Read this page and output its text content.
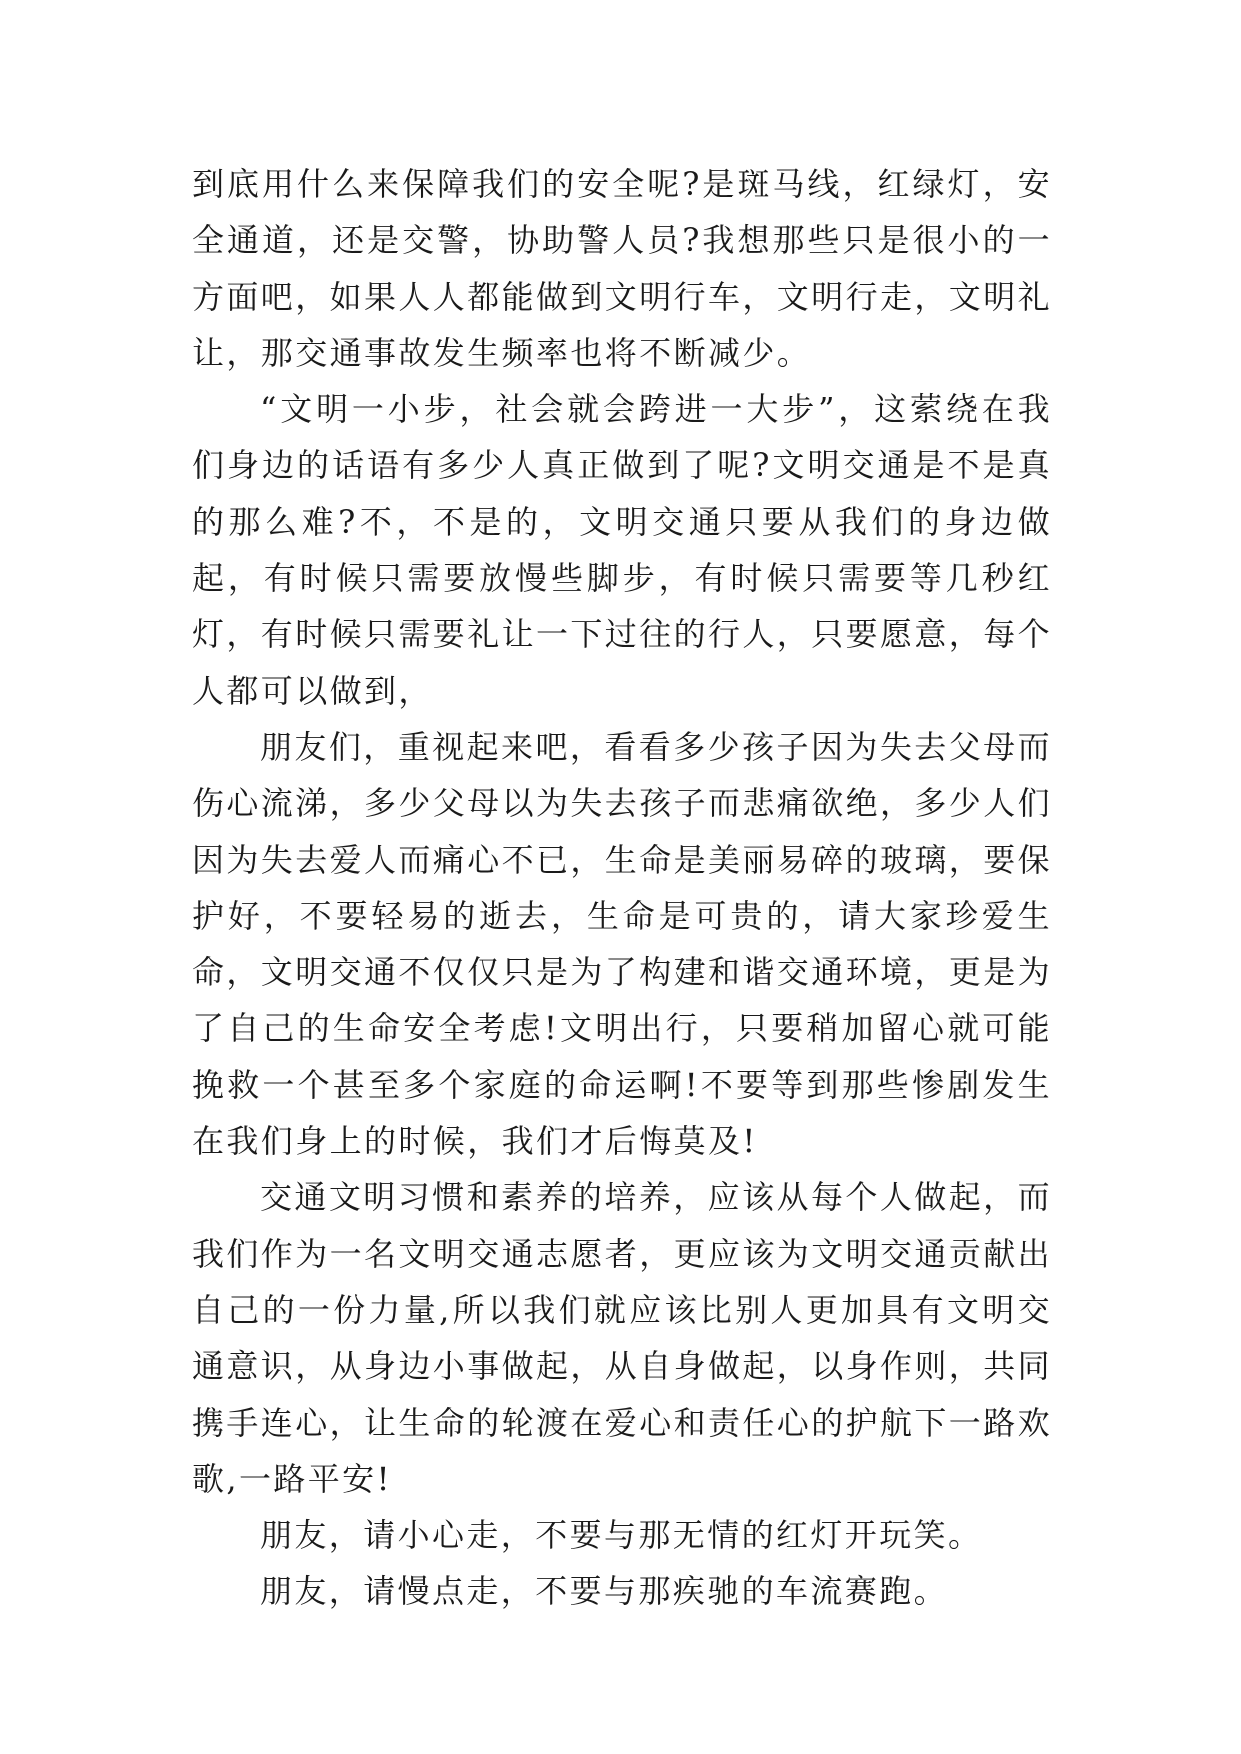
到底用什么来保障我们的安全呢?是斑马线，红绿灯，安全通道，还是交警，协助警人员?我想那些只是很小的一方面吧，如果人人都能做到文明行车，文明行走，文明礼让，那交通事故发生频率也将不断减少。

“文明一小步，社会就会跨进一大步”，这萦绕在我们身边的话语有多少人真正做到了呢?文明交通是不是真的那么难?不，不是的，文明交通只要从我们的身边做起，有时候只需要放慢些脚步，有时候只需要等几秒红灯，有时候只需要礼让一下过往的行人，只要愿意，每个人都可以做到，

朋友们，重视起来吧，看看多少孩子因为失去父母而伤心流涕，多少父母以为失去孩子而悲痛欲绝，多少人们因为失去爱人而痛心不已，生命是美丽易碎的玻璃，要保护好，不要轻易的逝去，生命是可贵的，请大家珍爱生命，文明交通不仅仅只是为了构建和谐交通环境，更是为了自己的生命安全考虑!文明出行，只要稍加留心就可能挽救一个甚至多个家庭的命运啊!不要等到那些惨剧发生在我们身上的时候，我们才后悔莫及!

交通文明习惯和素养的培养，应该从每个人做起，而我们作为一名文明交通志愿者，更应该为文明交通贡献出自己的一份力量,所以我们就应该比别人更加具有文明交通意识，从身边小事做起，从自身做起，以身作则，共同携手连心，让生命的轮渡在爱心和责任心的护航下一路欢歌,一路平安!

朋友，请小心走，不要与那无情的红灯开玩笑。

朋友，请慢点走，不要与那疾驰的车流赛跑。
